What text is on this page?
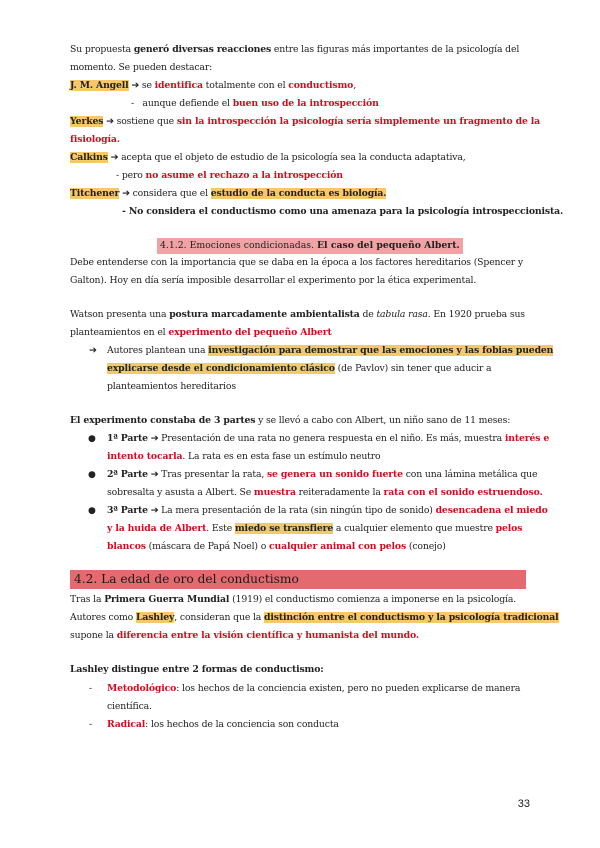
Su propuesta generó diversas reacciones entre las figuras más importantes de la psicología del
momento. Se pueden destacar:
J. M. Angell ➔ se identifica totalmente con el conductismo,
- aunque defiende el buen uso de la introspección
Yerkes ➔ sostiene que sin la introspección la psicología sería simplemente un fragmento de la
fisiología.
Calkins ➔ acepta que el objeto de estudio de la psicología sea la conducta adaptativa,
- pero no asume el rechazo a la introspección
Titchener ➔ considera que el estudio de la conducta es biología.
- No considera el conductismo como una amenaza para la psicología introspeccionista.
4.1.2. Emociones condicionadas. El caso del pequeño Albert.
Debe entenderse con la importancia que se daba en la época a los factores hereditarios (Spencer y
Galton). Hoy en día sería imposible desarrollar el experimento por la ética experimental.
Watson presenta una postura marcadamente ambientalista de tabula rasa. En 1920 prueba sus
planteamientos en el experimento del pequeño Albert
➔ Autores plantean una investigación para demostrar que las emociones y las fobias pueden
explicarse desde el condicionamiento clásico (de Pavlov) sin tener que aducir a
planteamientos hereditarios
El experimento constaba de 3 partes y se llevó a cabo con Albert, un niño sano de 11 meses:
● 1ª Parte ➔ Presentación de una rata no genera respuesta en el niño. Es más, muestra interés e
intento tocarla. La rata es en esta fase un estímulo neutro
● 2ª Parte ➔ Tras presentar la rata, se genera un sonido fuerte con una lámina metálica que
sobresalta y asusta a Albert. Se muestra reiteradamente la rata con el sonido estruendoso.
● 3ª Parte ➔ La mera presentación de la rata (sin ningún tipo de sonido) desencadena el miedo
y la huida de Albert. Este miedo se transfiere a cualquier elemento que muestre pelos
blancos (máscara de Papá Noel) o cualquier animal con pelos (conejo)
4.2. La edad de oro del conductismo
Tras la Primera Guerra Mundial (1919) el conductismo comienza a imponerse en la psicología.
Autores como Lashley, consideran que la distinción entre el conductismo y la psicología tradicional
supone la diferencia entre la visión científica y humanista del mundo.
Lashley distingue entre 2 formas de conductismo:
- Metodológico: los hechos de la conciencia existen, pero no pueden explicarse de manera
científica.
- Radical: los hechos de la conciencia son conducta
33
